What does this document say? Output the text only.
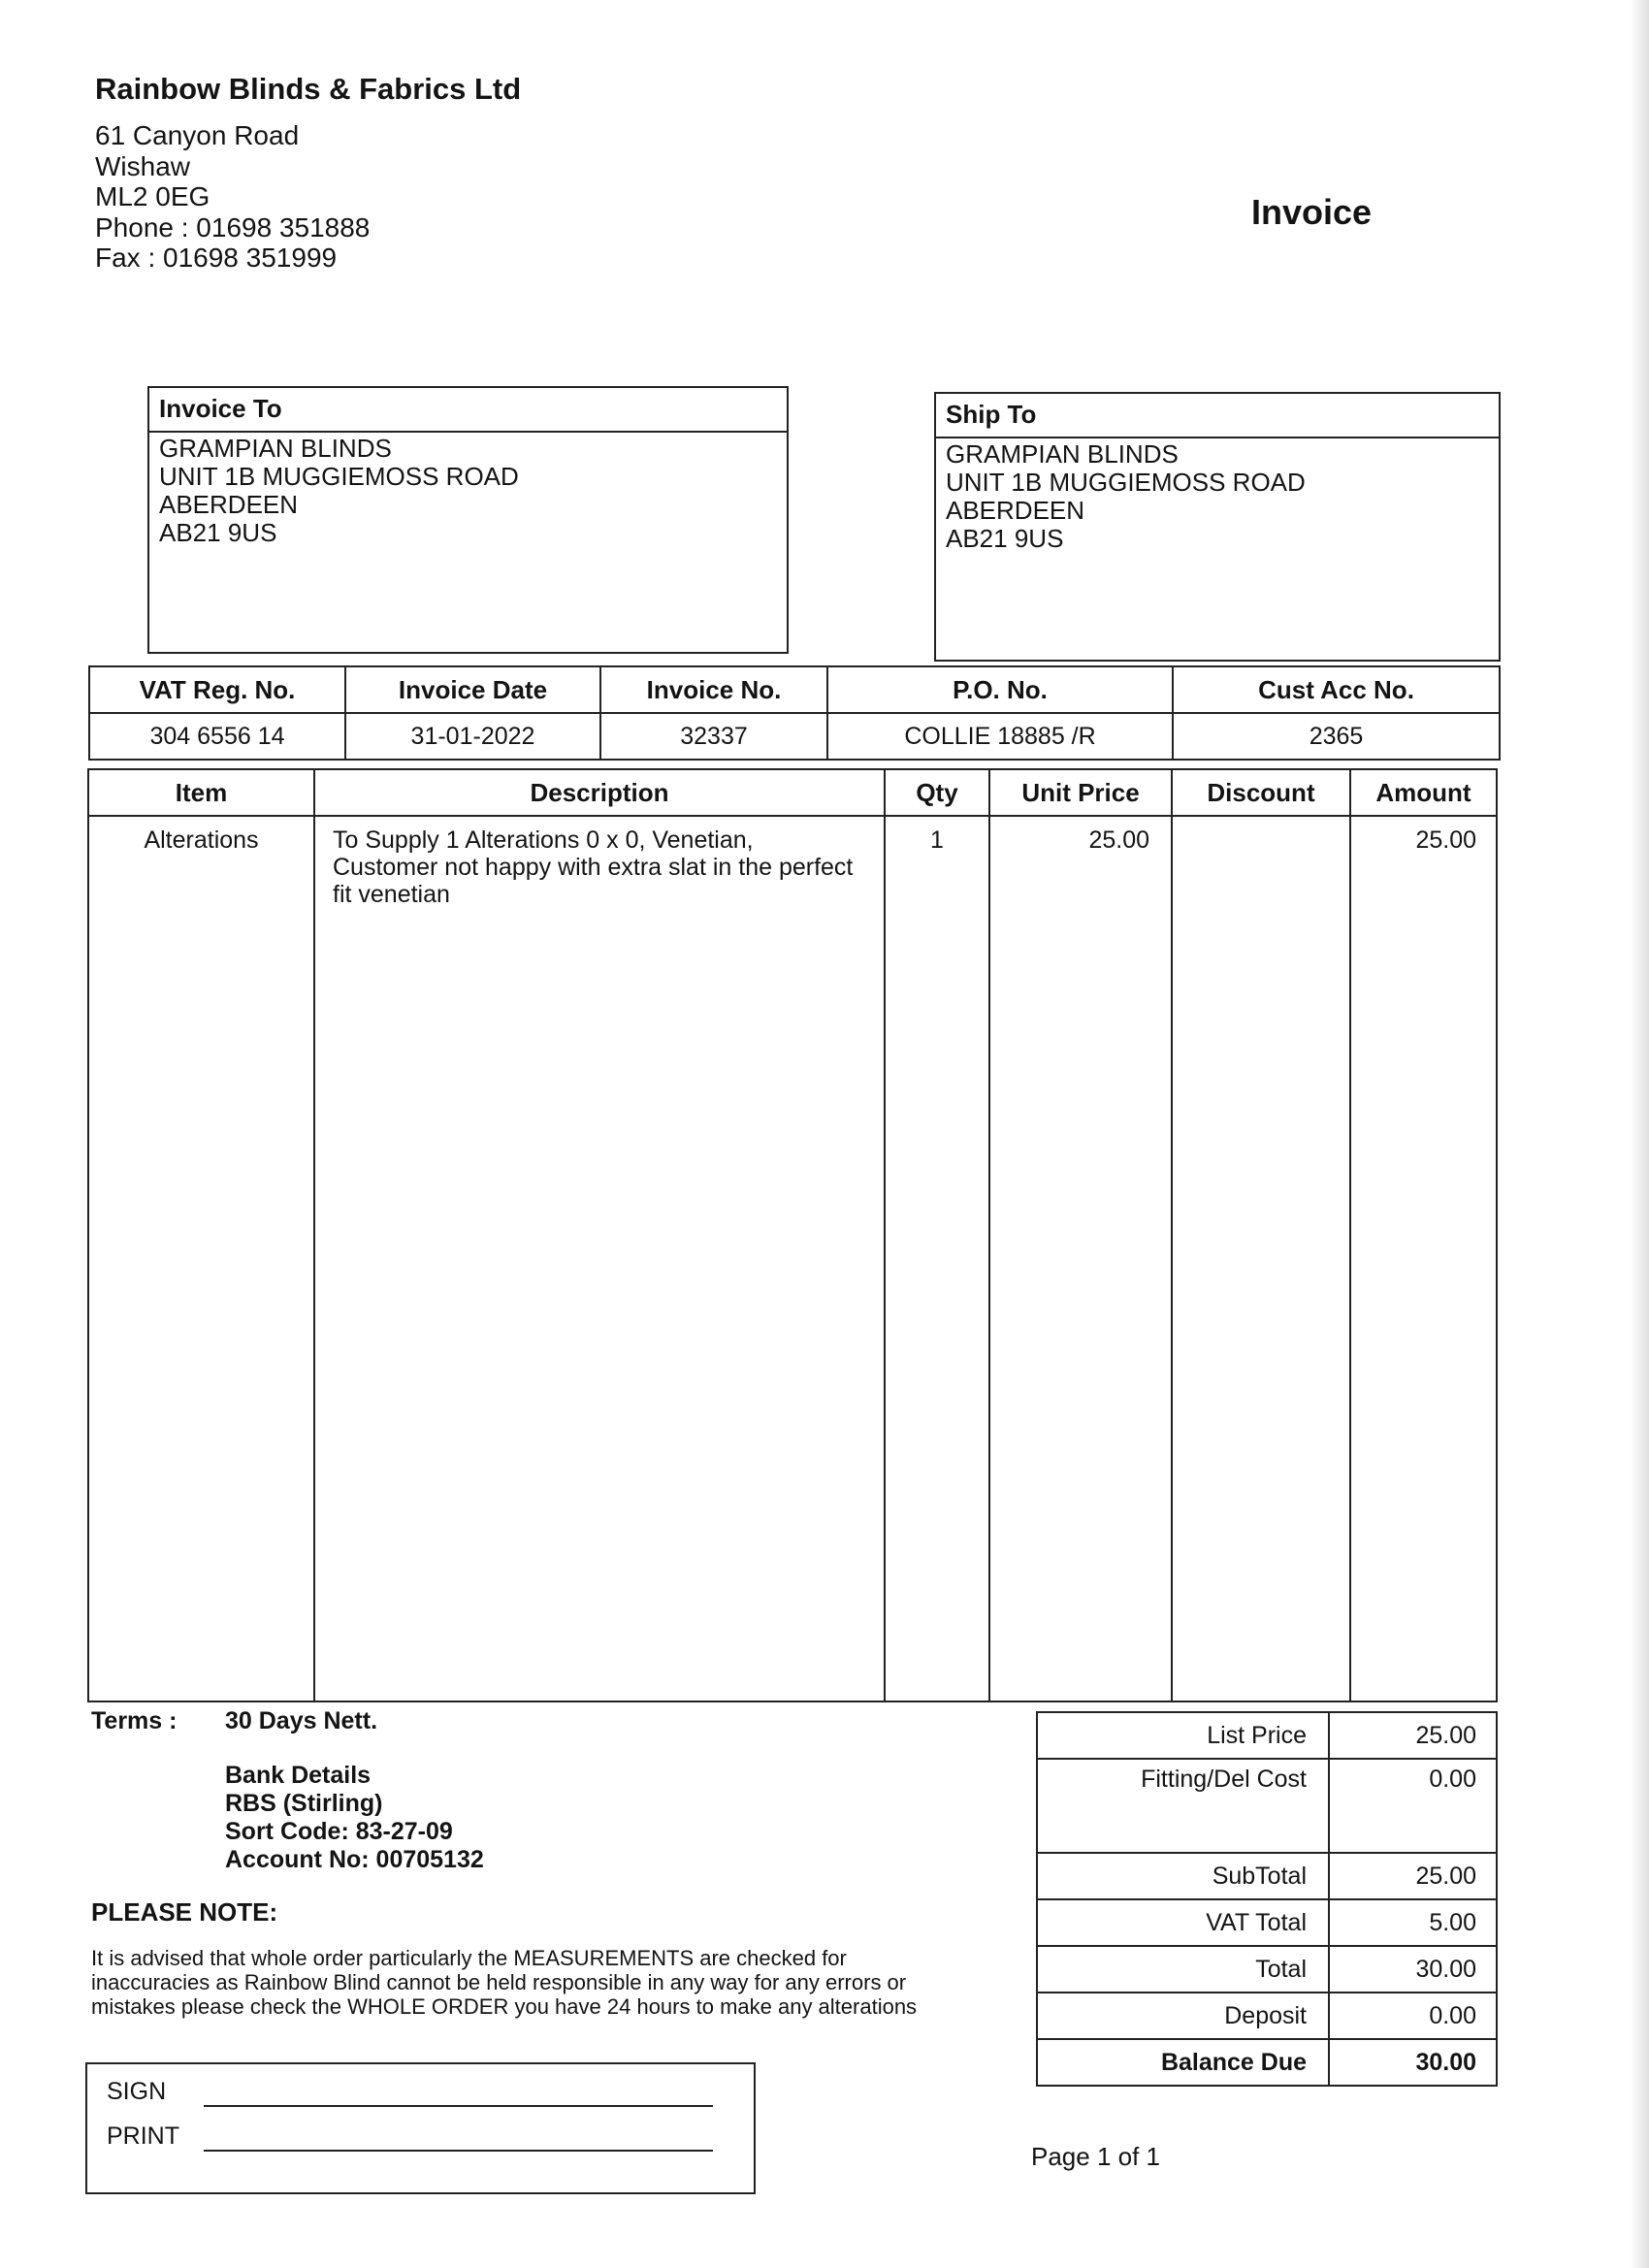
Rainbow Blinds & Fabrics Ltd
61 Canyon Road
Wishaw
ML2 0EG
Phone : 01698 351888
Fax : 01698 351999
Invoice
Invoice To
GRAMPIAN BLINDS
UNIT 1B MUGGIEMOSS ROAD
ABERDEEN
AB21 9US
Ship To
GRAMPIAN BLINDS
UNIT 1B MUGGIEMOSS ROAD
ABERDEEN
AB21 9US
VAT Reg. No.	Invoice Date	Invoice No.	P.O. No.	Cust Acc No.
304 6556 14	31-01-2022	32337	COLLIE 18885 /R	2365
Item	Description	Qty	Unit Price	Discount	Amount
Alterations	To Supply 1 Alterations 0 x 0, Venetian,
Customer not happy with extra slat in the perfect
fit venetian	1	25.00		25.00
Terms : 30 Days Nett.
Bank Details
RBS (Stirling)
Sort Code: 83-27-09
Account No: 00705132
PLEASE NOTE:
It is advised that whole order particularly the MEASUREMENTS are checked for
inaccuracies as Rainbow Blind cannot be held responsible in any way for any errors or
mistakes please check the WHOLE ORDER you have 24 hours to make any alterations
SIGN
PRINT
List Price	25.00
Fitting/Del Cost	0.00
SubTotal	25.00
VAT Total	5.00
Total	30.00
Deposit	0.00
Balance Due	30.00
Page 1 of 1
